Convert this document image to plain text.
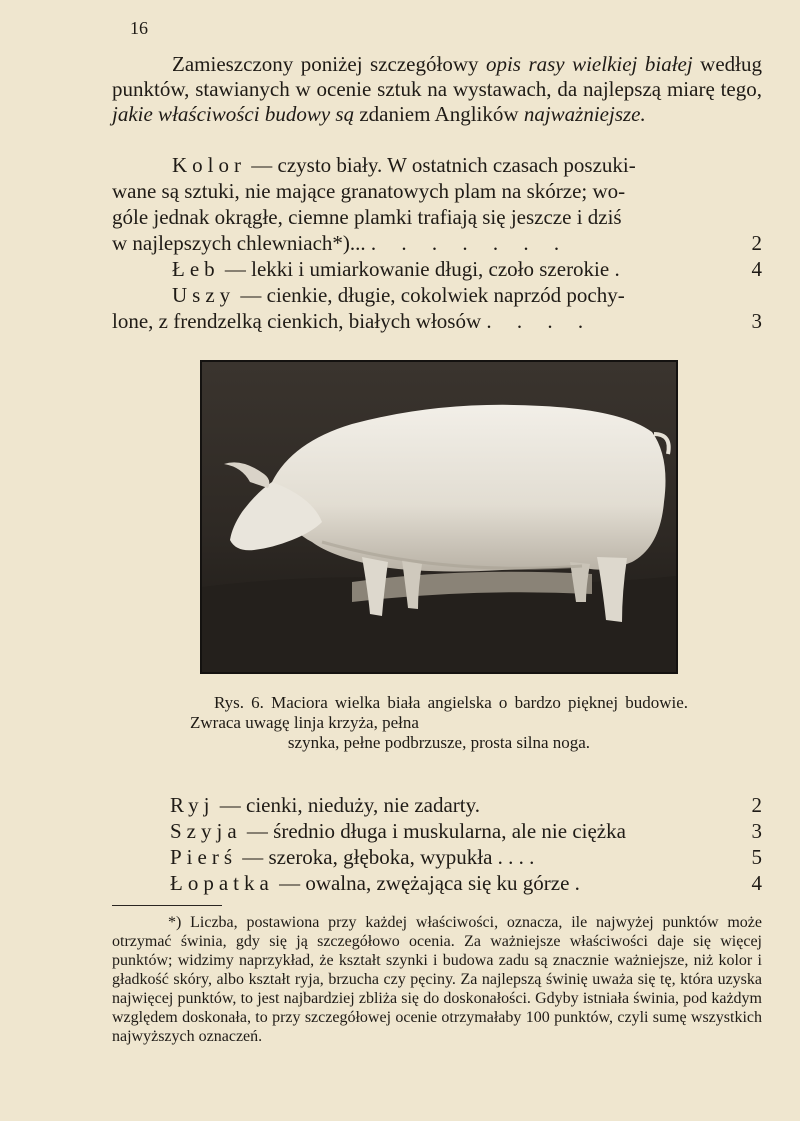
16

Zamieszczony poniżej szczegółowy opis rasy wielkiej białej według punktów, stawianych w ocenie sztuk na wystawach, da najlepszą miarę tego, jakie właściwości budowy są zdaniem Anglików najważniejsze.

Kolor — czysto biały. W ostatnich czasach poszuki-
wane są sztuki, nie mające granatowych plam na skórze; wo-
góle jednak okrągłe, ciemne plamki trafiają się jeszcze i dziś
w najlepszych chlewniach*)... . . . . . . .	2
Łeb — lekki i umiarkowanie długi, czoło szerokie .	4
Uszy — cienkie, długie, cokolwiek naprzód pochy-
lone, z frendzelką cienkich, białych włosów . . . .	3
Rys. 6. Maciora wielka biała angielska o bardzo pięknej budowie. Zwraca uwagę linja krzyża, pełna
szynka, pełne podbrzusze, prosta silna noga.
Ryj — cienki, nieduży, nie zadarty.	2
Szyja — średnio długa i muskularna, ale nie ciężka	3
Pierś — szeroka, głęboka, wypukła . . . .	5
Łopatka — owalna, zwężająca się ku górze .	4

*) Liczba, postawiona przy każdej właściwości, oznacza, ile najwyżej punktów może otrzymać świnia, gdy się ją szczegółowo ocenia. Za ważniejsze właściwości daje się więcej punktów; widzimy naprzykład, że kształt szynki i budowa zadu są znacznie ważniejsze, niż kolor i gładkość skóry, albo kształt ryja, brzucha czy pęciny. Za najlepszą świnię uważa się tę, która uzyska najwięcej punktów, to jest najbardziej zbliża się do doskonałości. Gdyby istniała świnia, pod każdym względem doskonała, to przy szczegółowej ocenie otrzymałaby 100 punktów, czyli sumę wszystkich najwyższych oznaczeń.
